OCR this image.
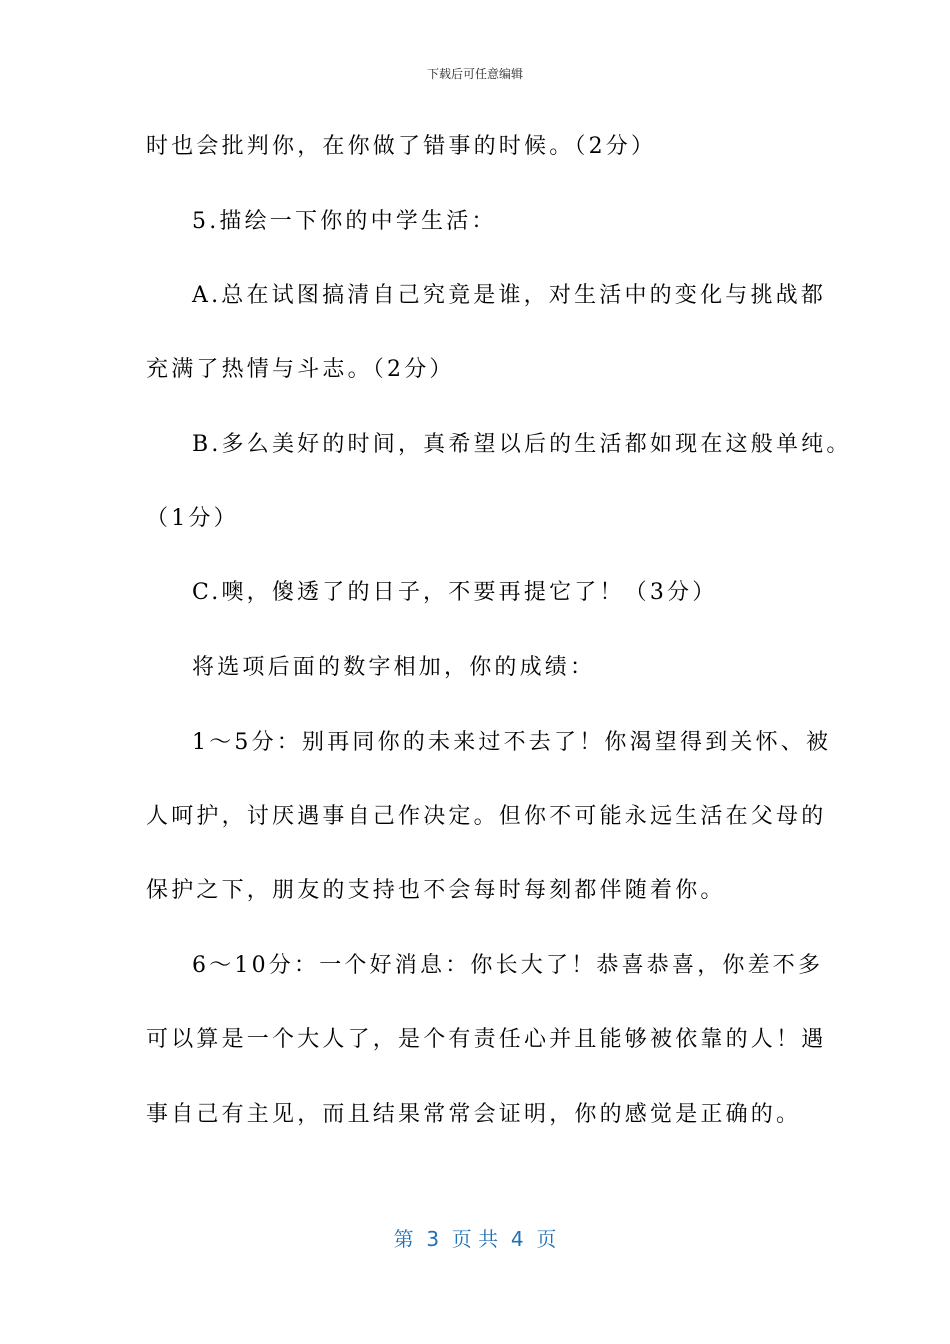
下载后可任意编辑
时也会批判你，在你做了错事的时候。（2分）
5.描绘一下你的中学生活：
A.总在试图搞清自己究竟是谁，对生活中的变化与挑战都
充满了热情与斗志。（2分）
B.多么美好的时间，真希望以后的生活都如现在这般单纯。
（1分）
C.噢，傻透了的日子，不要再提它了！（3分）
将选项后面的数字相加，你的成绩：
1～5分：别再同你的未来过不去了！你渴望得到关怀、被
人呵护，讨厌遇事自己作决定。但你不可能永远生活在父母的
保护之下，朋友的支持也不会每时每刻都伴随着你。
6～10分：一个好消息：你长大了！恭喜恭喜，你差不多
可以算是一个大人了，是个有责任心并且能够被依靠的人！遇
事自己有主见，而且结果常常会证明，你的感觉是正确的。
第  3  页 共  4  页
